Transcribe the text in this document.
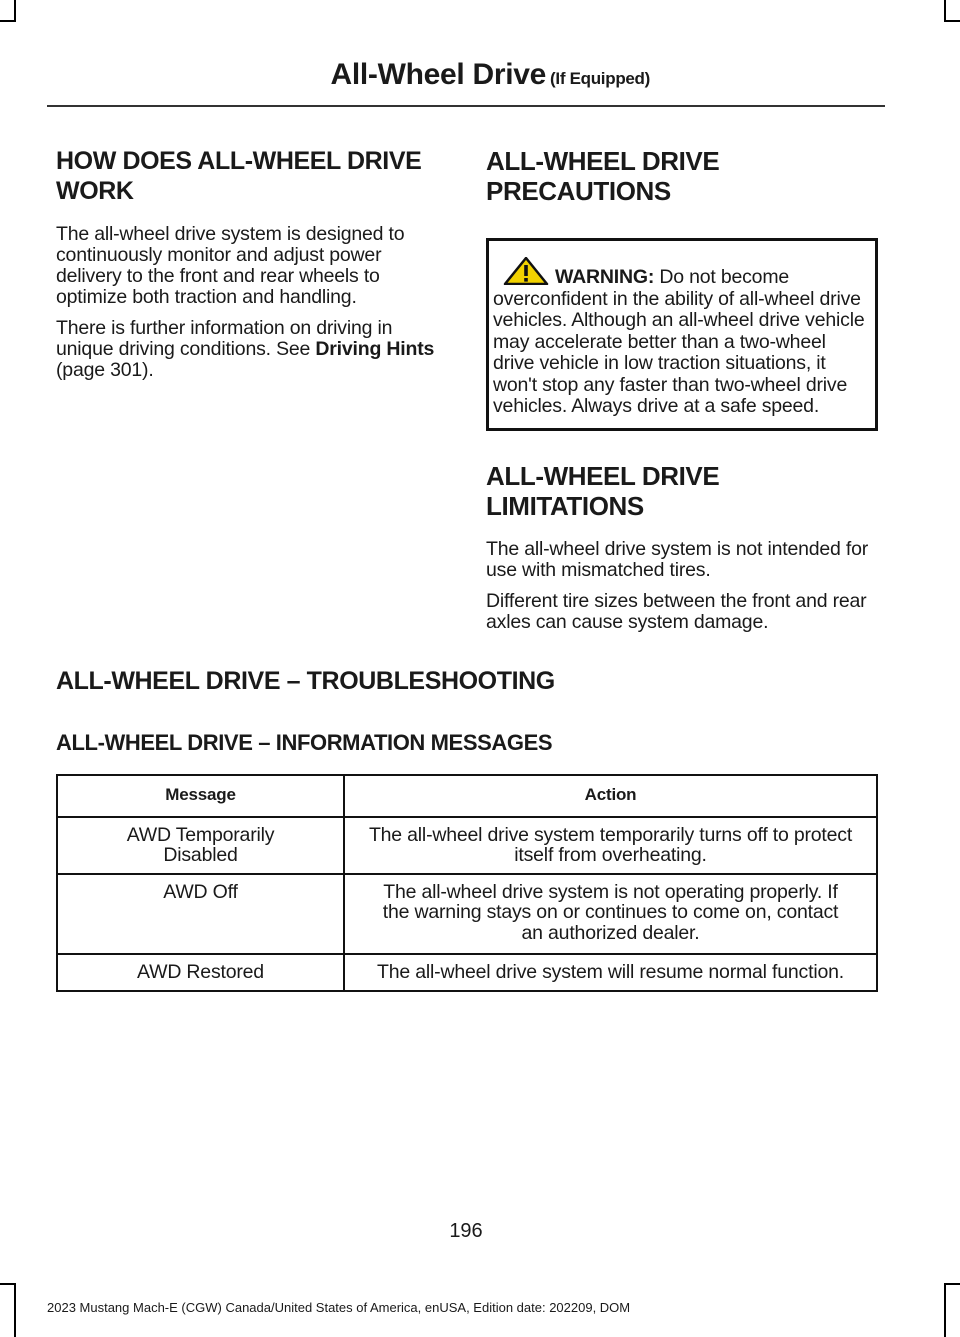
All-Wheel Drive (If Equipped)
HOW DOES ALL-WHEEL DRIVE
WORK

The all-wheel drive system is designed to continuously monitor and adjust power delivery to the front and rear wheels to optimize both traction and handling.

There is further information on driving in unique driving conditions. See Driving Hints (page 301).

ALL-WHEEL DRIVE
PRECAUTIONS
WARNING: Do not become overconfident in the ability of all-wheel drive vehicles. Although an all-wheel drive vehicle may accelerate better than a two-wheel drive vehicle in low traction situations, it won't stop any faster than two-wheel drive vehicles. Always drive at a safe speed.
ALL-WHEEL DRIVE
LIMITATIONS

The all-wheel drive system is not intended for use with mismatched tires.

Different tire sizes between the front and rear axles can cause system damage.

ALL-WHEEL DRIVE – TROUBLESHOOTING
ALL-WHEEL DRIVE – INFORMATION MESSAGES
Message	Action
AWD Temporarily Disabled	The all-wheel drive system temporarily turns off to protect itself from overheating.
AWD Off	The all-wheel drive system is not operating properly. If the warning stays on or continues to come on, contact an authorized dealer.
AWD Restored	The all-wheel drive system will resume normal function.
196
2023 Mustang Mach-E (CGW) Canada/United States of America, enUSA, Edition date: 202209, DOM
